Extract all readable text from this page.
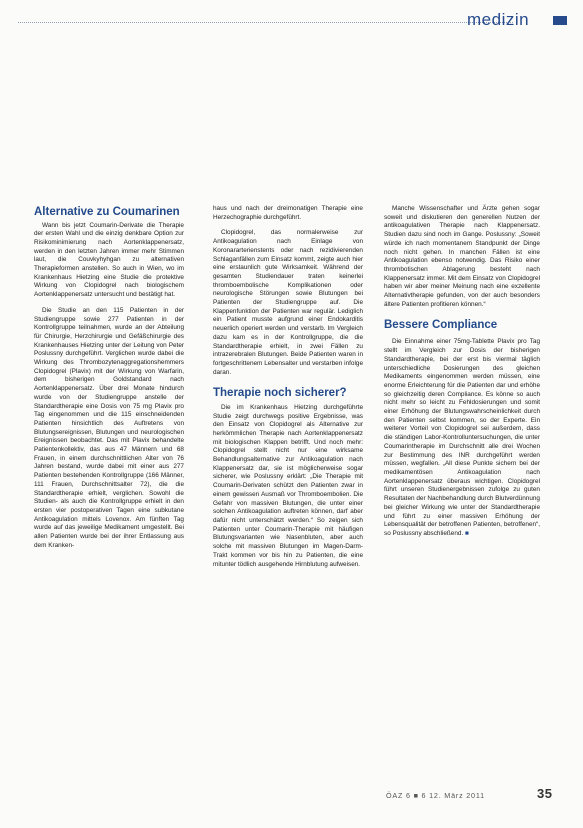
medizin
Alternative zu Coumarinen

Wann bis jetzt Coumarin-Derivate die Therapie der ersten Wahl und die einzig denkbare Option zur Risikominimierung nach Aortenklappenersatz, werden in den letzten Jahren immer mehr Stimmen laut, die Couvkyhyhgan zu alternativen Therapieformen anstellen. So auch in Wien, wo im Krankenhaus Hietzing eine Studie die protektive Wirkung von Clopidogrel nach biologischem Aortenklappenersatz untersucht und bestätigt hat.

Die Studie an den 115 Patienten in der Studiengruppe sowie 277 Patienten in der Kontrollgruppe teilnahmen, wurde an der Abteilung für Chirurgie, Herzchirurgie und Gefäßchirurgie des Krankenhauses Hietzing unter der Leitung von Peter Poslussny durchgeführt. Verglichen wurde dabei die Wirkung des Thrombozytenaggregationshemmers Clopidogrel (Plavix) mit der Wirkung von Warfarin, dem bisherigen Goldstandard nach Aortenklappenersatz. Über drei Monate hindurch wurde von der Studiengruppe anstelle der Standardtherapie eine Dosis von 75 mg Plavix pro Tag eingenommen und die 115 einschneidenden Patienten hinsichtlich des Auftretens von Blutungsereignissen, Blutungen und neurologischen Ereignissen beobachtet. Das mit Plavix behandelte Patientenkollektiv, das aus 47 Männern und 68 Frauen, in einem durchschnittlichen Alter von 76 Jahren bestand, wurde dabei mit einer aus 277 Patienten bestehenden Kontrollgruppe (166 Männer, 111 Frauen, Durchschnittsalter 72), die die Standardtherapie erhielt, verglichen. Sowohl die Studien- als auch die Kontrollgruppe erhielt in den ersten vier postoperativen Tagen eine subkutane Antikoagulation mittels Lovenox. Am fünften Tag wurde auf das jeweilige Medikament umgestellt. Bei allen Patienten wurde bei der ihrer Entlassung aus dem Kranken-

haus und nach der dreimonatigen Therapie eine Herzechographie durchgeführt.

Clopidogrel, das normalerweise zur Antikoagulation nach Einlage von Koronararterienstents oder nach rezidivierenden Schlaganfällen zum Einsatz kommt, zeigte auch hier eine erstaunlich gute Wirksamkeit. Während der gesamten Studiendauer traten keinerlei thromboembolische Komplikationen oder neurologische Störungen sowie Blutungen bei Patienten der Studiengruppe auf. Die Klappenfunktion der Patienten war regulär. Lediglich ein Patient musste aufgrund einer Endokarditis neuerlich operiert werden und verstarb. Im Vergleich dazu kam es in der Kontrollgruppe, die die Standardtherapie erhielt, in zwei Fällen zu intrazerebralen Blutungen. Beide Patienten waren in fortgeschrittenem Lebensalter und verstarben infolge daran.

Therapie noch sicherer?

Die im Krankenhaus Hietzing durchgeführte Studie zeigt durchwegs positive Ergebnisse, was den Einsatz von Clopidogrel als Alternative zur herkömmlichen Therapie nach Aortenklappenersatz mit biologischen Klappen betrifft. Und noch mehr: Clopidogrel stellt nicht nur eine wirksame Behandlungsalternative zur Antikoagulation nach Klappenersatz dar, sie ist möglicherweise sogar sicherer, wie Poslussny erklärt: „Die Therapie mit Coumarin-Derivaten schützt den Patienten zwar in einem gewissen Ausmaß vor Thromboembolien. Die Gefahr von massiven Blutungen, die unter einer solchen Antikoagulation auftreten können, darf aber dafür nicht unterschätzt werden.“ So zeigen sich Patienten unter Coumarin-Therapie mit häufigen Blutungsvarianten wie Nasenbluten, aber auch solche mit massiven Blutungen im Magen-Darm-Trakt kommen vor bis hin zu Patienten, die eine mitunter tödlich ausgehende Hirnblutung aufweisen.

Manche Wissenschafter und Ärzte gehen sogar soweit und diskutieren den generellen Nutzen der antikoagulativen Therapie nach Klappenersatz. Studien dazu sind noch im Gange. Poslussny: „Soweit würde ich nach momentanem Standpunkt der Dinge noch nicht gehen. In manchen Fällen ist eine Antikoagulation ebenso notwendig. Das Risiko einer thrombotischen Ablagerung besteht nach Klappenersatz immer. Mit dem Einsatz von Clopidogrel haben wir aber meiner Meinung nach eine exzellente Alternativtherapie gefunden, von der auch besonders ältere Patienten profitieren können.“

Bessere Compliance

Die Einnahme einer 75mg-Tablette Plavix pro Tag stellt im Vergleich zur Dosis der bisherigen Standardtherapie, bei der erst bis viermal täglich unterschiedliche Dosierungen des gleichen Medikaments eingenommen werden müssen, eine enorme Erleichterung für die Patienten dar und erhöhe so gleichzeitig deren Compliance. Es könne so auch nicht mehr so leicht zu Fehldosierungen und somit einer Erhöhung der Blutungswahrscheinlichkeit durch den Patienten selbst kommen, so der Experte. Ein weiterer Vorteil von Clopidogrel sei außerdem, dass die ständigen Labor-Kontrolluntersuchungen, die unter Coumarintherapie im Durchschnitt alle drei Wochen zur Bestimmung des INR durchgeführt werden müssen, wegfallen. „All diese Punkte sichern bei der medikamentösen Antikoagulation nach Aortenklappenersatz überaus wichtigen. Clopidogrel führt unseren Studienergebnissen zufolge zu guten Resultaten der Nachbehandlung durch Blutverdünnung bei gleicher Wirkung wie unter der Standardtherapie und führt zu einer massiven Erhöhung der Lebensqualität der betroffenen Patienten, betroffenen“, so Poslussny abschließend. ■

ÖAZ 6 ■ 6 12. März 2011	35
